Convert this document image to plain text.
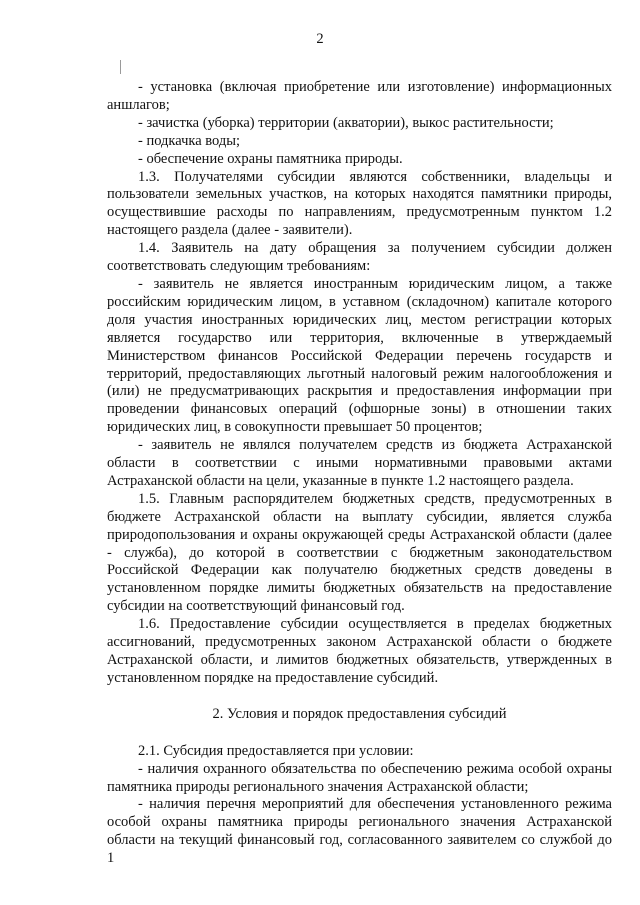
2

- установка (включая приобретение или изготовление) информационных аншлагов;

- зачистка (уборка) территории (акватории), выкос растительности;

- подкачка воды;

- обеспечение охраны памятника природы.

1.3. Получателями субсидии являются собственники, владельцы и пользователи земельных участков, на которых находятся памятники природы, осуществившие расходы по направлениям, предусмотренным пунктом 1.2 настоящего раздела (далее - заявители).

1.4. Заявитель на дату обращения за получением субсидии должен соответствовать следующим требованиям:

- заявитель не является иностранным юридическим лицом, а также российским юридическим лицом, в уставном (складочном) капитале которого доля участия иностранных юридических лиц, местом регистрации которых является государство или территория, включенные в утверждаемый Министерством финансов Российской Федерации перечень государств и территорий, предоставляющих льготный налоговый режим налогообложения и (или) не предусматривающих раскрытия и предоставления информации при проведении финансовых операций (офшорные зоны) в отношении таких юридических лиц, в совокупности превышает 50 процентов;

- заявитель не являлся получателем средств из бюджета Астраханской области в соответствии с иными нормативными правовыми актами Астраханской области на цели, указанные в пункте 1.2 настоящего раздела.

1.5. Главным распорядителем бюджетных средств, предусмотренных в бюджете Астраханской области на выплату субсидии, является служба природопользования и охраны окружающей среды Астраханской области (далее - служба), до которой в соответствии с бюджетным законодательством Российской Федерации как получателю бюджетных средств доведены в установленном порядке лимиты бюджетных обязательств на предоставление субсидии на соответствующий финансовый год.

1.6. Предоставление субсидии осуществляется в пределах бюджетных ассигнований, предусмотренных законом Астраханской области о бюджете Астраханской области, и лимитов бюджетных обязательств, утвержденных в установленном порядке на предоставление субсидий.

2. Условия и порядок предоставления субсидий

2.1. Субсидия предоставляется при условии:

- наличия охранного обязательства по обеспечению режима особой охраны памятника природы регионального значения Астраханской области;

- наличия перечня мероприятий для обеспечения установленного режима особой охраны памятника природы регионального значения Астраханской области на текущий финансовый год, согласованного заявителем со службой до 1
